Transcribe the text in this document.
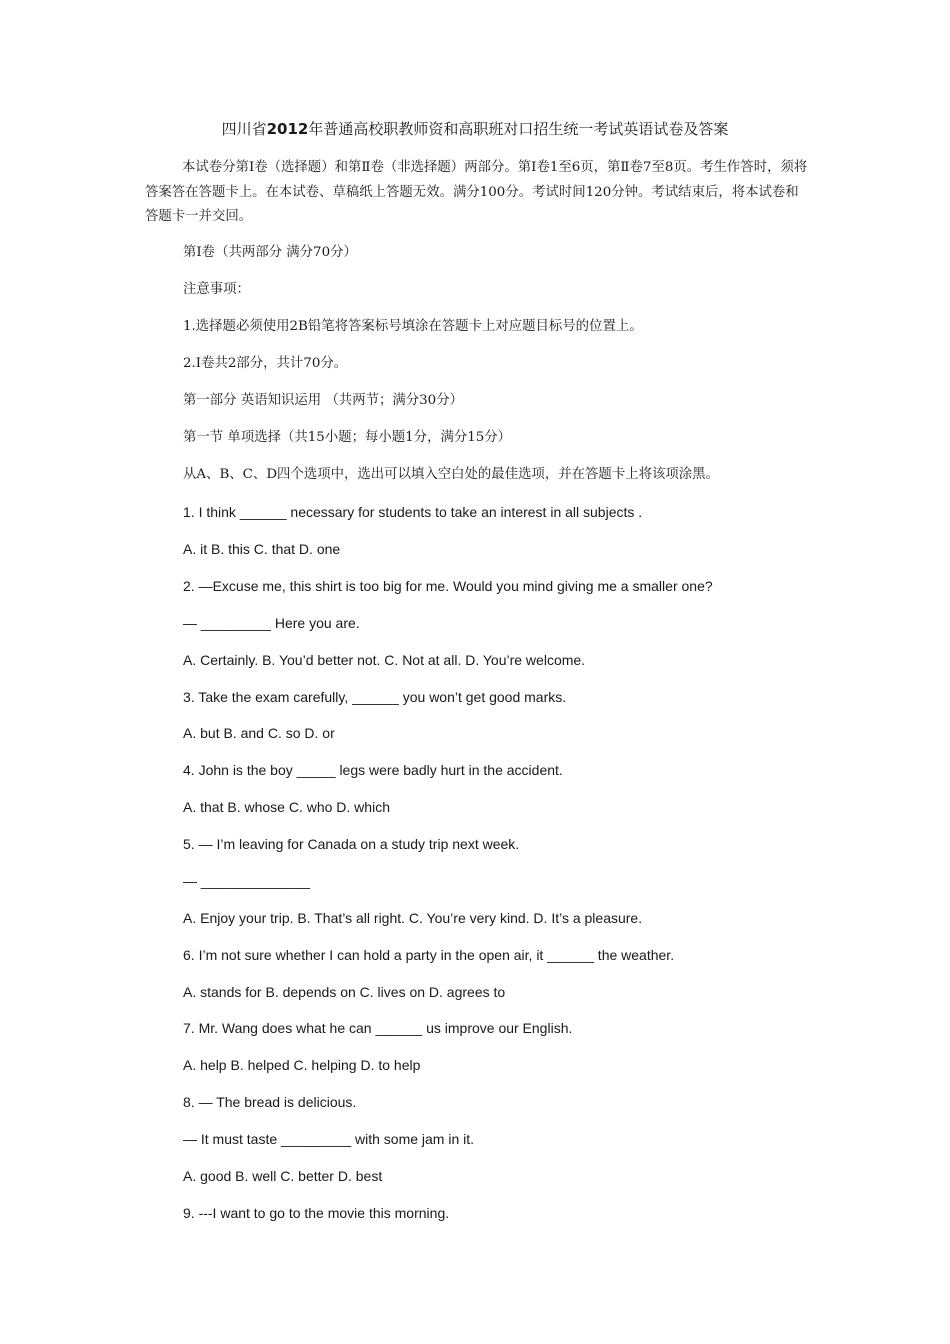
四川省2012年普通高校职教师资和高职班对口招生统一考试英语试卷及答案
本试卷分第Ⅰ卷（选择题）和第Ⅱ卷（非选择题）两部分。第Ⅰ卷1至6页，第Ⅱ卷7至8页。考生作答时，须将答案答在答题卡上。在本试卷、草稿纸上答题无效。满分100分。考试时间120分钟。考试结束后，将本试卷和答题卡一并交回。
第Ⅰ卷（共两部分 满分70分）
注意事项：
1.选择题必须使用2B铅笔将答案标号填涂在答题卡上对应题目标号的位置上。
2.Ⅰ卷共2部分，共计70分。
第一部分 英语知识运用 （共两节；满分30分）
第一节 单项选择（共15小题；每小题1分，满分15分）
从A、B、C、D四个选项中，选出可以填入空白处的最佳选项，并在答题卡上将该项涂黑。
1. I think ______ necessary for students to take an interest in all subjects .
A. it B. this C. that D. one
2. —Excuse me, this shirt is too big for me. Would you mind giving me a smaller one?
— _________ Here you are.
A. Certainly. B. You’d better not. C. Not at all. D. You’re welcome.
3. Take the exam carefully, ______ you won’t get good marks.
A. but B. and C. so D. or
4. John is the boy _____ legs were badly hurt in the accident.
A. that B. whose C. who D. which
5. — I’m leaving for Canada on a study trip next week.
— ______________
A. Enjoy your trip. B. That’s all right. C. You’re very kind. D. It’s a pleasure.
6. I’m not sure whether I can hold a party in the open air, it ______ the weather.
A. stands for B. depends on C. lives on D. agrees to
7. Mr. Wang does what he can ______ us improve our English.
A. help B. helped C. helping D. to help
8. — The bread is delicious.
— It must taste _________ with some jam in it.
A. good B. well C. better D. best
9. ---I want to go to the movie this morning.
